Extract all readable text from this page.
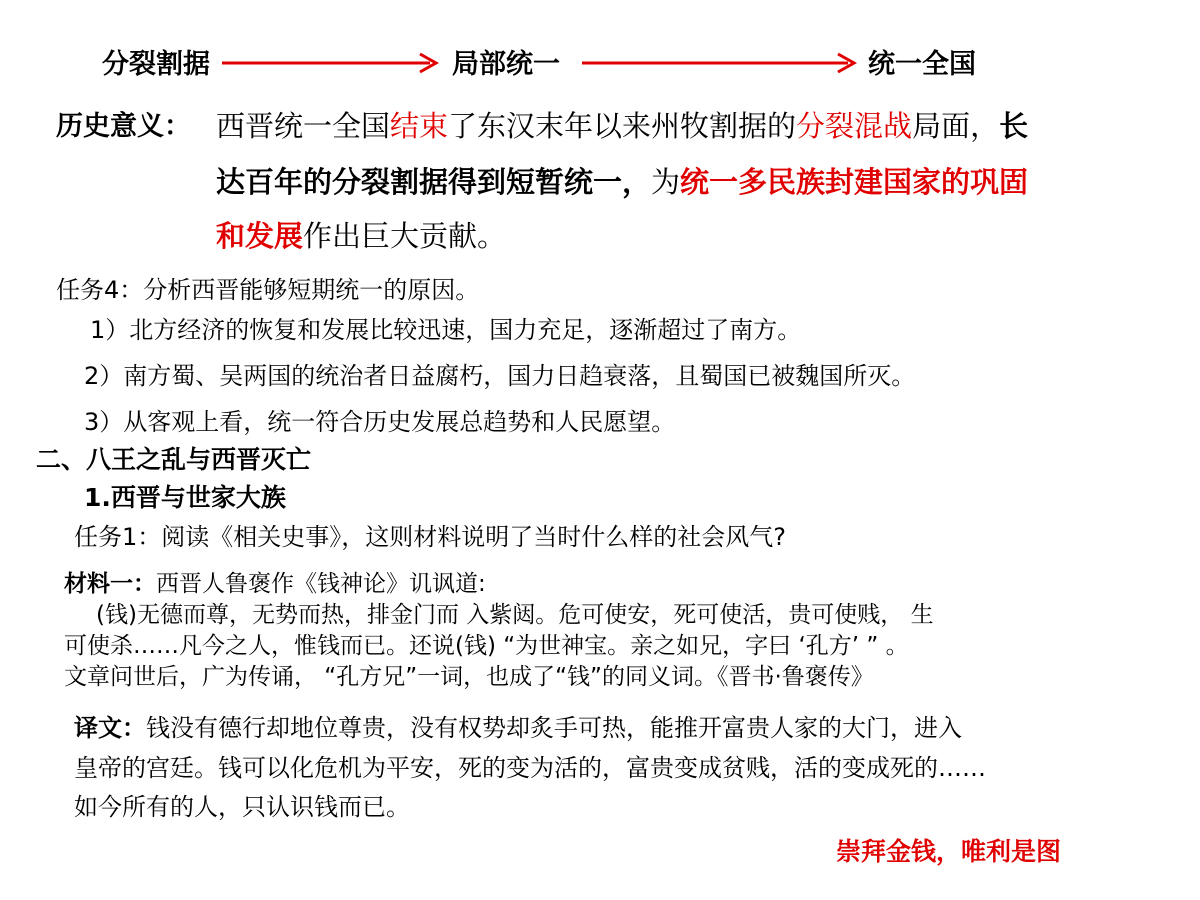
分裂割据	局部统一	统一全国
历史意义： 西晋统一全国结束了东汉末年以来州牧割据的分裂混战局面，长
达百年的分裂割据得到短暂统一，为统一多民族封建国家的巩固
和发展作出巨大贡献。
任务4：分析西晋能够短期统一的原因。
1）北方经济的恢复和发展比较迅速，国力充足，逐渐超过了南方。
2）南方蜀、吴两国的统治者日益腐朽，国力日趋衰落，且蜀国已被魏国所灭。
3）从客观上看，统一符合历史发展总趋势和人民愿望。
二、八王之乱与西晋灭亡
1.西晋与世家大族
任务1：阅读《相关史事》，这则材料说明了当时什么样的社会风气?
材料一：西晋人鲁褒作《钱神论》讥讽道:
(钱)无德而尊，无势而热，排金门而 入紫闼。危可使安，死可使活，贵可使贱， 生
可使杀……凡今之人，惟钱而已。还说(钱) “为世神宝。亲之如兄，字曰 ‘孔方’ ” 。
文章问世后，广为传诵， “孔方兄”一词，也成了“钱”的同义词。《晋书·鲁褒传》
译文：钱没有德行却地位尊贵，没有权势却炙手可热，能推开富贵人家的大门，进入
皇帝的宫廷。钱可以化危机为平安，死的变为活的，富贵变成贫贱，活的变成死的……
如今所有的人，只认识钱而已。
崇拜金钱，唯利是图
